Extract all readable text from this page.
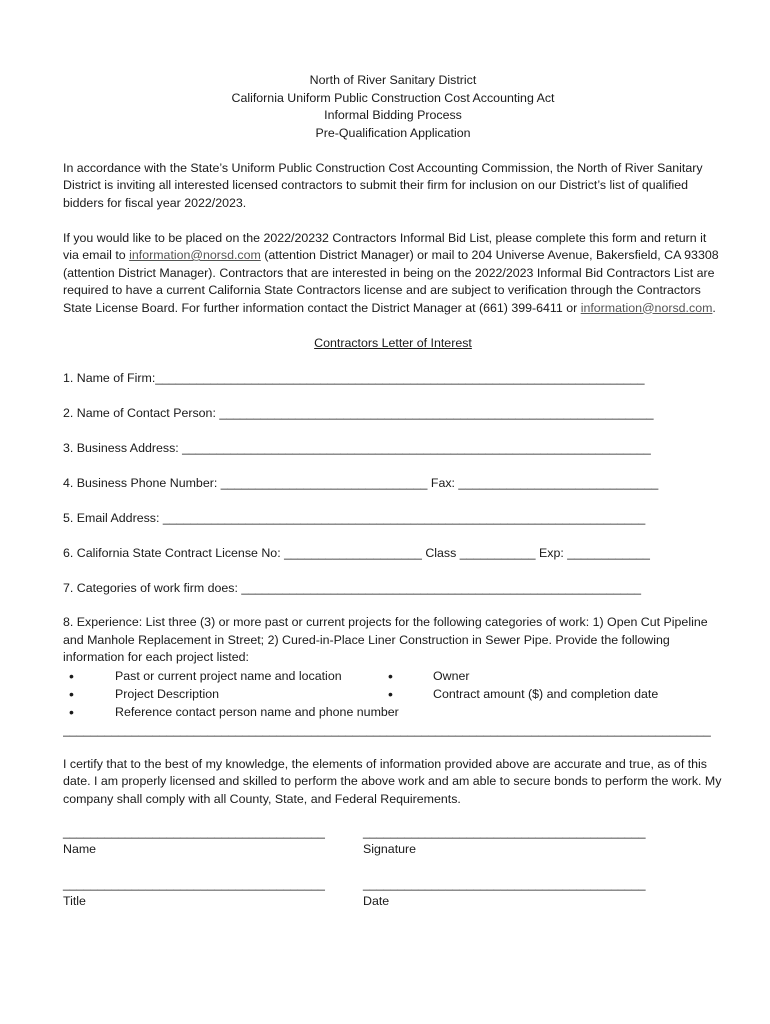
North of River Sanitary District
California Uniform Public Construction Cost Accounting Act
Informal Bidding Process
Pre-Qualification Application

In accordance with the State’s Uniform Public Construction Cost Accounting Commission, the North of River Sanitary District is inviting all interested licensed contractors to submit their firm for inclusion on our District’s list of qualified bidders for fiscal year 2022/2023.

If you would like to be placed on the 2022/20232 Contractors Informal Bid List, please complete this form and return it via email to information@norsd.com (attention District Manager) or mail to 204 Universe Avenue, Bakersfield, CA 93308 (attention District Manager). Contractors that are interested in being on the 2022/2023 Informal Bid Contractors List are required to have a current California State Contractors license and are subject to verification through the Contractors State License Board. For further information contact the District Manager at (661) 399-6411 or information@norsd.com.

Contractors Letter of Interest
1. Name of Firm:_______________________________________________________________________
2. Name of Contact Person: _______________________________________________________________
3. Business Address: ____________________________________________________________________
4. Business Phone Number: ______________________________ Fax: _____________________________
5. Email Address: ______________________________________________________________________
6. California State Contract License No: ____________________ Class ___________ Exp: ____________
7. Categories of work firm does: __________________________________________________________

8. Experience: List three (3) or more past or current projects for the following categories of work: 1) Open Cut Pipeline and Manhole Replacement in Street; 2) Cured-in-Place Liner Construction in Sewer Pipe. Provide the following information for each project listed:

•	Past or current project name and location	•	Owner
•	Project Description	•	Contract amount ($) and completion date
•	Reference contact person name and phone number
______________________________________________________________________________________________

I certify that to the best of my knowledge, the elements of information provided above are accurate and true, as of this date. I am properly licensed and skilled to perform the above work and am able to secure bonds to perform the work. My company shall comply with all County, State, and Federal Requirements.

______________________________________
Name
_________________________________________
Signature
______________________________________
Title
_________________________________________
Date
